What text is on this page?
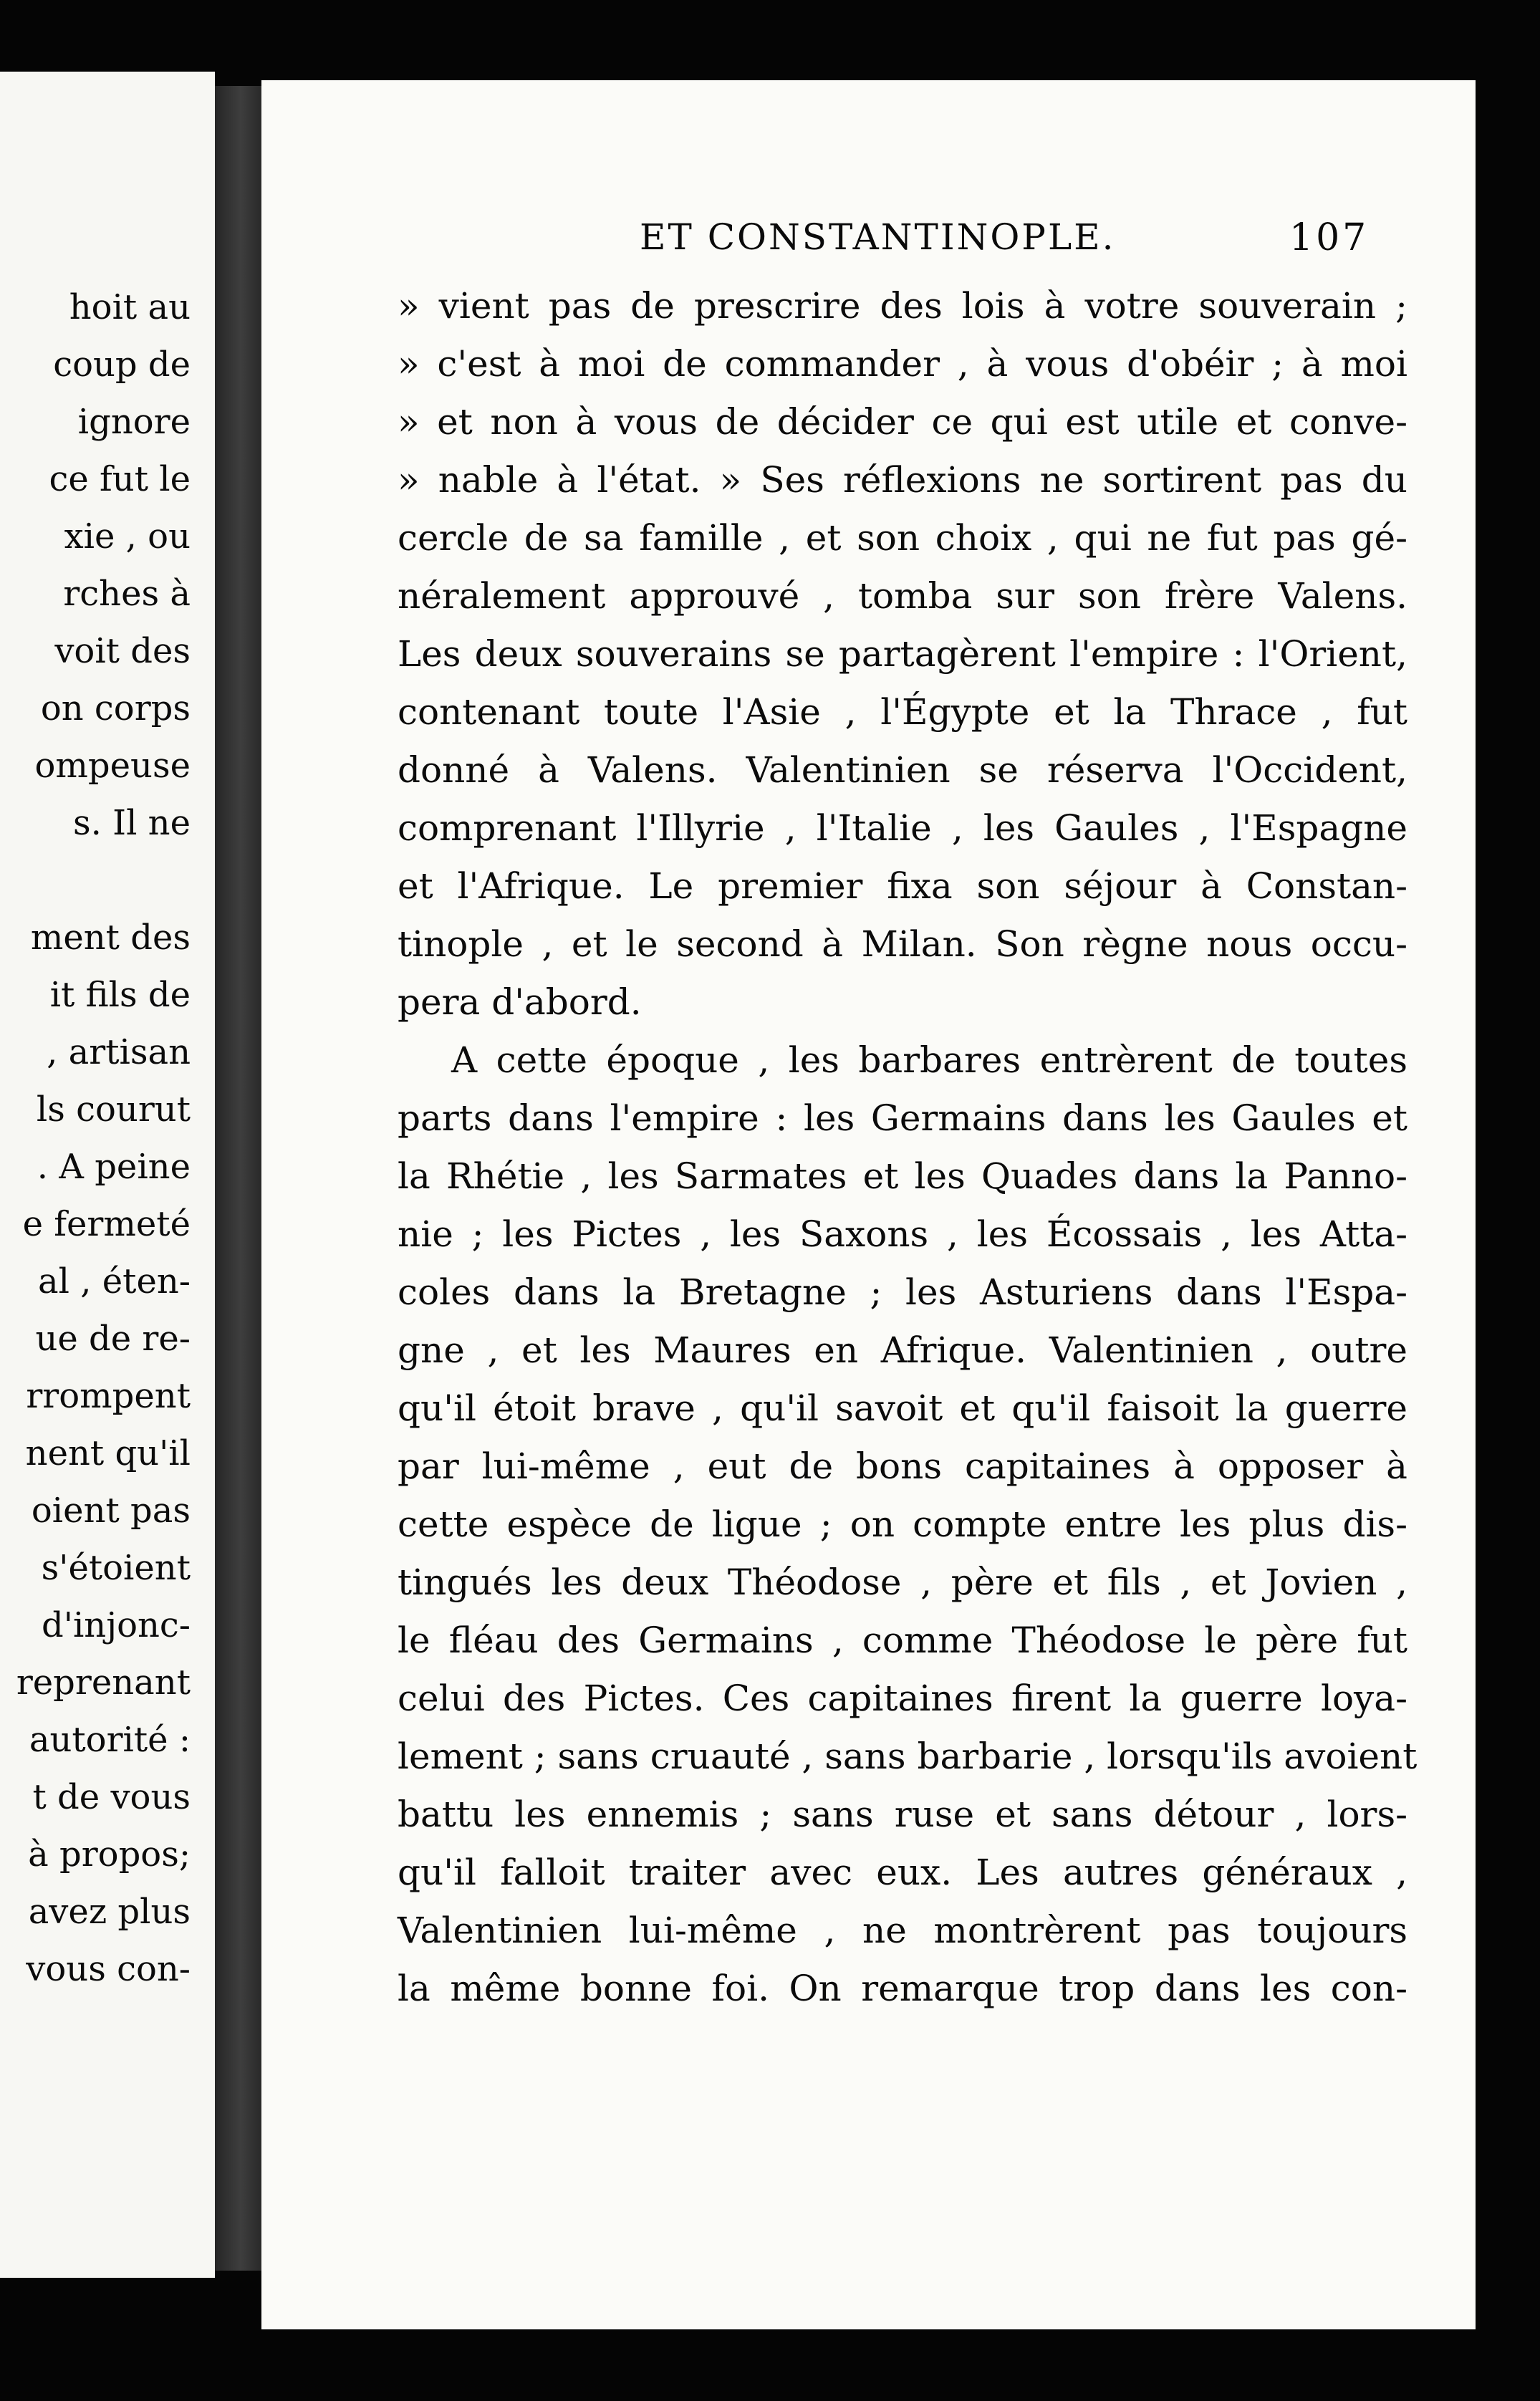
hoit au
coup de
ignore
ce fut le
xie , ou
rches à
voit des
on corps
ompeuse
s. Il ne
ment des
it fils de
, artisan
ls courut
. A peine
e fermeté
al , éten-
ue de re-
rrompent
nent qu'il
oient pas
s'étoient
d'injonc-
reprenant
autorité :
t de vous
à propos;
avez plus
vous con-
ET CONSTANTINOPLE.	107
» vient pas de prescrire des lois à votre souverain ;
» c'est à moi de commander , à vous d'obéir ; à moi
» et non à vous de décider ce qui est utile et conve-
» nable à l'état. » Ses réflexions ne sortirent pas du
cercle de sa famille , et son choix , qui ne fut pas gé-
néralement approuvé , tomba sur son frère Valens.
Les deux souverains se partagèrent l'empire : l'Orient,
contenant toute l'Asie , l'Égypte et la Thrace , fut
donné à Valens. Valentinien se réserva l'Occident,
comprenant l'Illyrie , l'Italie , les Gaules , l'Espagne
et l'Afrique. Le premier fixa son séjour à Constan-
tinople , et le second à Milan. Son règne nous occu-
pera d'abord.
A cette époque , les barbares entrèrent de toutes
parts dans l'empire : les Germains dans les Gaules et
la Rhétie , les Sarmates et les Quades dans la Panno-
nie ; les Pictes , les Saxons , les Écossais , les Atta-
coles dans la Bretagne ; les Asturiens dans l'Espa-
gne , et les Maures en Afrique. Valentinien , outre
qu'il étoit brave , qu'il savoit et qu'il faisoit la guerre
par lui-même , eut de bons capitaines à opposer à
cette espèce de ligue ; on compte entre les plus dis-
tingués les deux Théodose , père et fils , et Jovien ,
le fléau des Germains , comme Théodose le père fut
celui des Pictes. Ces capitaines firent la guerre loya-
lement ; sans cruauté , sans barbarie , lorsqu'ils avoient
battu les ennemis ; sans ruse et sans détour , lors-
qu'il falloit traiter avec eux. Les autres généraux ,
Valentinien lui-même , ne montrèrent pas toujours
la même bonne foi. On remarque trop dans les con-
